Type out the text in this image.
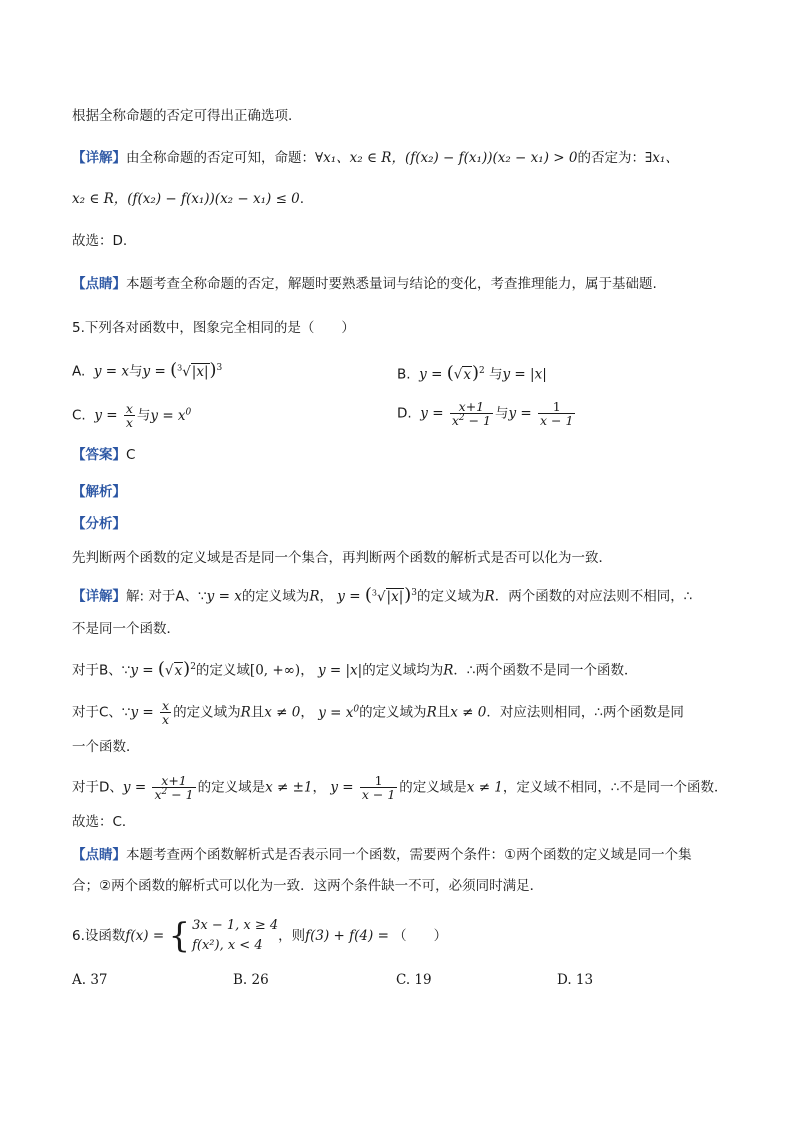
根据全称命题的否定可得出正确选项.
【详解】由全称命题的否定可知，命题：∀x₁、x₂ ∈ R，(f(x₂) − f(x₁))(x₂ − x₁) > 0的否定为：∃x₁、
x₂ ∈ R，(f(x₂) − f(x₁))(x₂ − x₁) ≤ 0.
故选：D.
【点睛】本题考查全称命题的否定，解题时要熟悉量词与结论的变化，考查推理能力，属于基础题.
5.下列各对函数中，图象完全相同的是（　　）
A. y = x与$y = (^3√|x|)^3$	B. $y = (√x)^2$ 与y = |x|
C. $y = \frac{x}{x}$ 与$y = x^0$	D. $y = \frac{x+1}{x^2 - 1}$ 与$y = \frac{1}{x - 1}$
【答案】C
【解析】
【分析】
先判断两个函数的定义域是否是同一个集合，再判断两个函数的解析式是否可以化为一致．
【详解】解: 对于A、∵y = x的定义域为R， $y = (^3√|x|)^3$的定义域为R．两个函数的对应法则不相同，∴
不是同一个函数．
对于B、∵y = $(√x)^2$的定义域[0, +∞)， y = |x|的定义域均为R．∴两个函数不是同一个函数．
对于C、∵y = $\frac{x}{x}$ 的定义域为R且x ≠ 0， $y = x^0$的定义域为R且x ≠ 0．对应法则相同，∴两个函数是同
一个函数．
对于D、$y = \frac{x+1}{x^2 - 1}$ 的定义域是x ≠ ±1， $y = \frac{1}{x - 1}$ 的定义域是x ≠ 1，定义域不相同，∴不是同一个函数．
故选：C．
【点睛】本题考查两个函数解析式是否表示同一个函数，需要两个条件：①两个函数的定义域是同一个集
合；②两个函数的解析式可以化为一致．这两个条件缺一不可，必须同时满足．
6.设函数f(x) = { 3x − 1, x ≥ 4
f(x²), x < 4
，则f(3) + f(4) = （　　）
A. 37	B. 26	C. 19	D. 13
